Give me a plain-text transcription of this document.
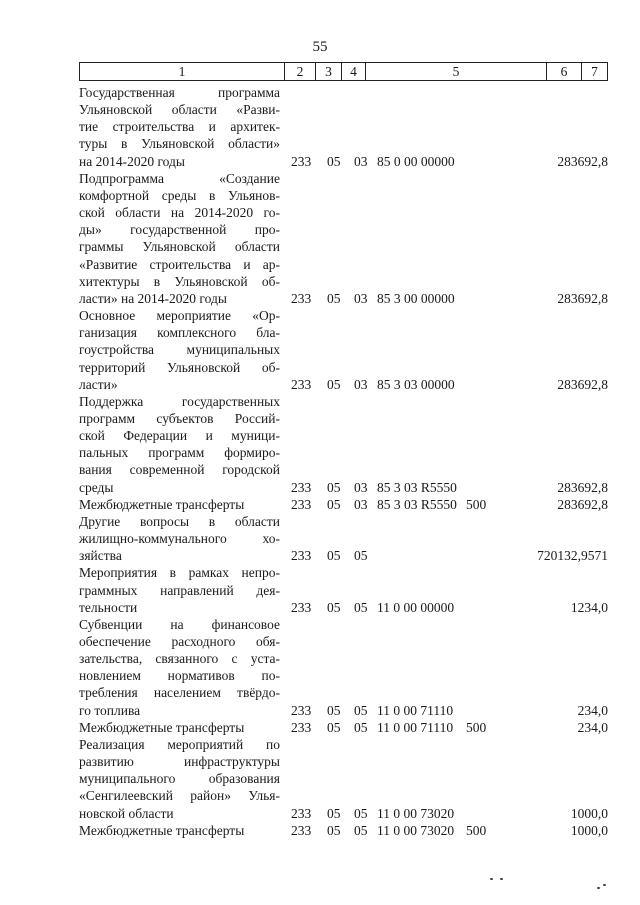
55
1	2	3	4	5	6	7
Государственная программа
Ульяновской области «Разви-
тие строительства и архитек-
туры в Ульяновской области»
на 2014-2020 годы	233 05 03 85 0 00 00000	283692,8
Подпрограмма «Создание
комфортной среды в Ульянов-
ской области на 2014-2020 го-
ды» государственной про-
граммы Ульяновской области
«Развитие строительства и ар-
хитектуры в Ульяновской об-
ласти» на 2014-2020 годы	233 05 03 85 3 00 00000	283692,8
Основное мероприятие «Ор-
ганизация комплексного бла-
гоустройства муниципальных
территорий Ульяновской об-
ласти»	233 05 03 85 3 03 00000	283692,8
Поддержка государственных
программ субъектов Россий-
ской Федерации и муници-
пальных программ формиро-
вания современной городской
среды	233 05 03 85 3 03 R5550	283692,8
Межбюджетные трансферты	233 05 03 85 3 03 R5550 500	283692,8
Другие вопросы в области
жилищно-коммунального хо-
зяйства	233 05 05	720132,9571
Мероприятия в рамках непро-
граммных направлений дея-
тельности	233 05 05 11 0 00 00000	1234,0
Субвенции на финансовое
обеспечение расходного обя-
зательства, связанного с уста-
новлением нормативов по-
требления населением твёрдо-
го топлива	233 05 05 11 0 00 71110	234,0
Межбюджетные трансферты	233 05 05 11 0 00 71110 500	234,0
Реализация мероприятий по
развитию инфраструктуры
муниципального образования
«Сенгилеевский район» Улья-
новской области	233 05 05 11 0 00 73020	1000,0
Межбюджетные трансферты	233 05 05 11 0 00 73020 500	1000,0
